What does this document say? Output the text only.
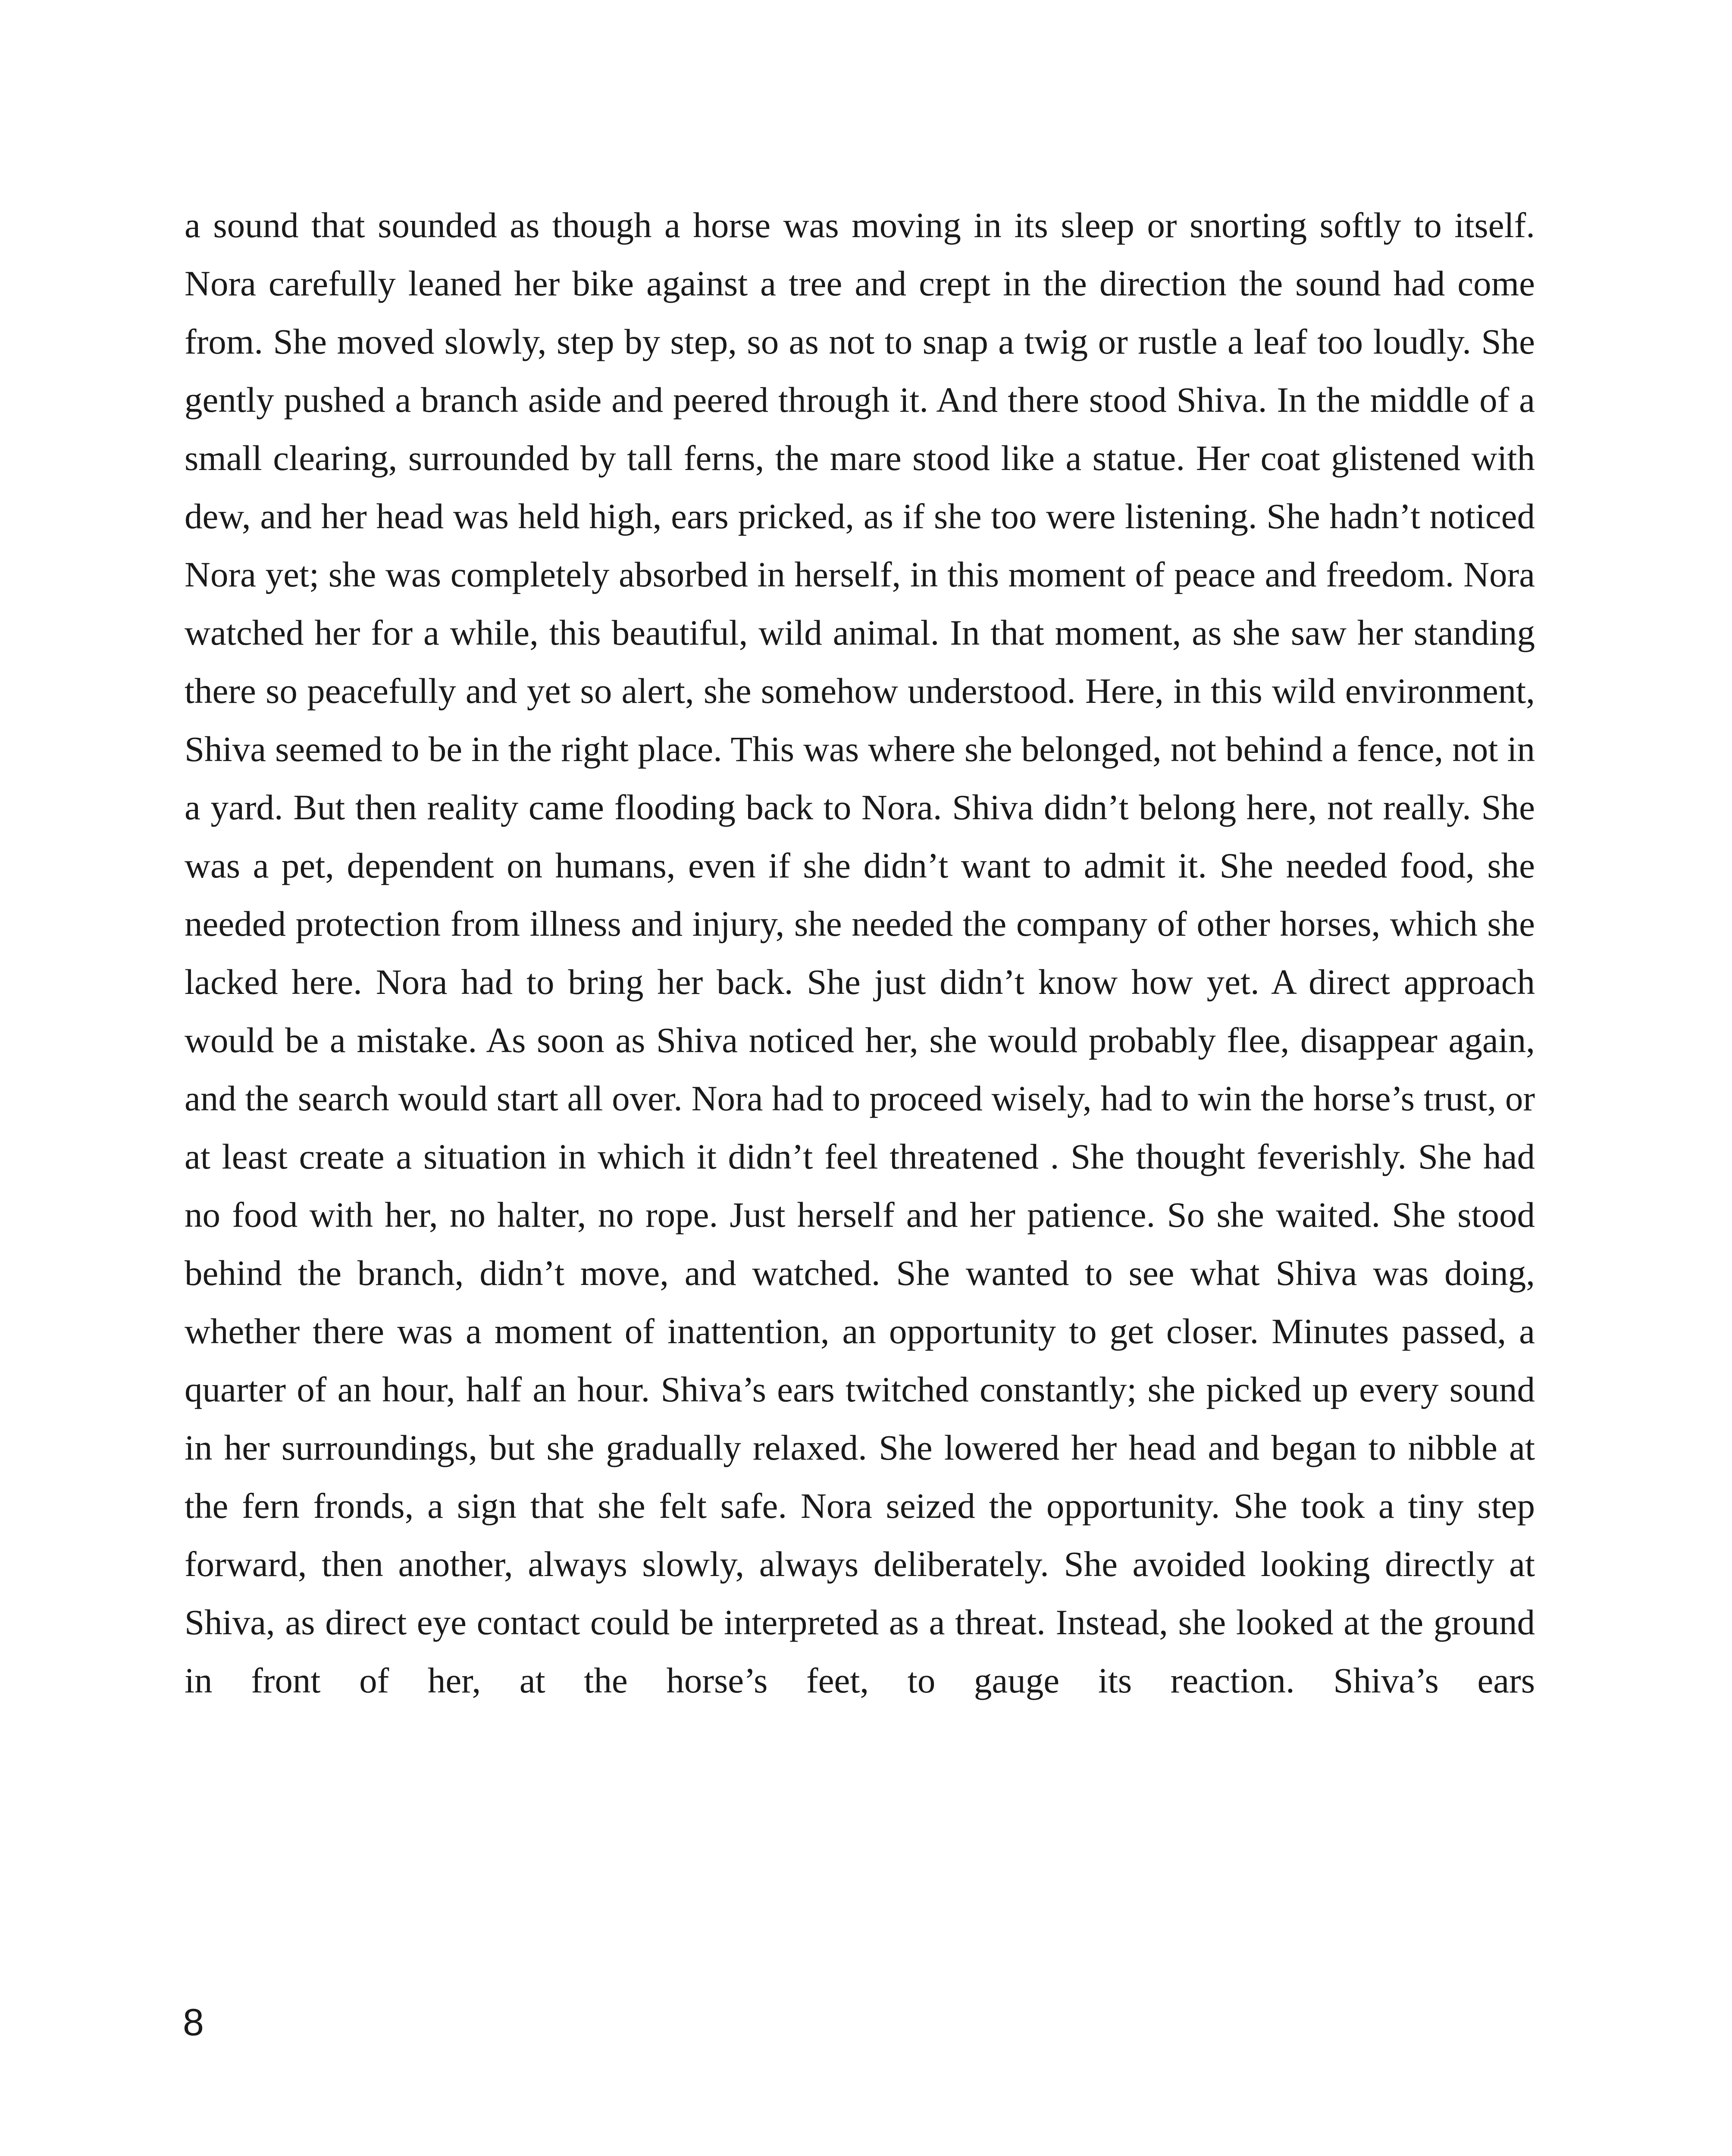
a sound that sounded as though a horse was moving in its sleep or snorting softly to itself. Nora carefully leaned her bike against a tree and crept in the direction the sound had come from. She moved slowly, step by step, so as not to snap a twig or rustle a leaf too loudly. She gently pushed a branch aside and peered through it. And there stood Shiva. In the middle of a small clearing, surrounded by tall ferns, the mare stood like a statue. Her coat glistened with dew, and her head was held high, ears pricked, as if she too were listening. She hadn’t noticed Nora yet; she was completely absorbed in herself, in this moment of peace and freedom. Nora watched her for a while, this beautiful, wild animal. In that moment, as she saw her standing there so peacefully and yet so alert, she somehow understood. Here, in this wild environment, Shiva seemed to be in the right place. This was where she belonged, not behind a fence, not in a yard. But then reality came flooding back to Nora. Shiva didn’t belong here, not really. She was a pet, dependent on humans, even if she didn’t want to admit it. She needed food, she needed protection from illness and injury, she needed the company of other horses, which she lacked here. Nora had to bring her back. She just didn’t know how yet. A direct approach would be a mistake. As soon as Shiva noticed her, she would probably flee, disappear again, and the search would start all over. Nora had to proceed wisely, had to win the horse’s trust, or at least create a situation in which it didn’t feel threatened . She thought feverishly. She had no food with her, no halter, no rope. Just herself and her patience. So she waited. She stood behind the branch, didn’t move, and watched. She wanted to see what Shiva was doing, whether there was a moment of inattention, an opportunity to get closer. Minutes passed, a quarter of an hour, half an hour. Shiva’s ears twitched constantly; she picked up every sound in her surroundings, but she gradually relaxed. She lowered her head and began to nibble at the fern fronds, a sign that she felt safe. Nora seized the opportunity. She took a tiny step forward, then another, always slowly, always deliberately. She avoided looking directly at Shiva, as direct eye contact could be interpreted as a threat. Instead, she looked at the ground in front of her, at the horse’s feet, to gauge its reaction. Shiva’s ears

8
